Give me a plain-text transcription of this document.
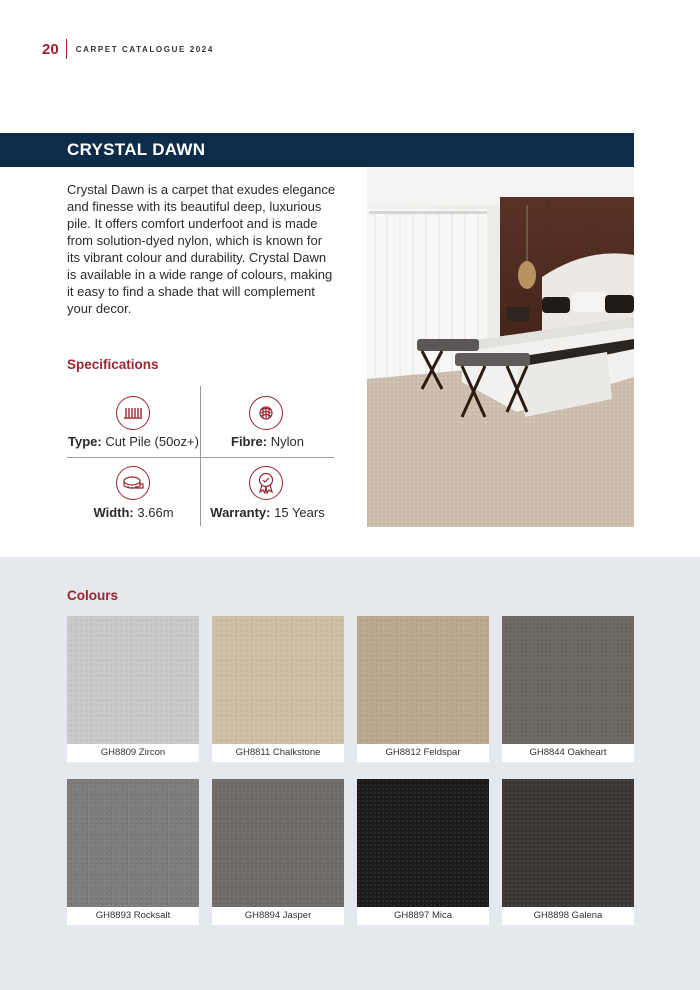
20 CARPET CATALOGUE 2024
CRYSTAL DAWN

Crystal Dawn is a carpet that exudes elegance and finesse with its beautiful deep, luxurious pile. It offers comfort underfoot and is made from solution-dyed nylon, which is known for its vibrant colour and durability. Crystal Dawn is available in a wide range of colours, making it easy to find a shade that will complement your decor.

Specifications
Type: Cut Pile (50oz+)	Fibre: Nylon
Width: 3.66m	Warranty: 15 Years
Colours
GH8809 Zircon	GH8811 Chalkstone	GH8812 Feldspar	GH8844 Oakheart
GH8893 Rocksalt	GH8894 Jasper	GH8897 Mica	GH8898 Galena
